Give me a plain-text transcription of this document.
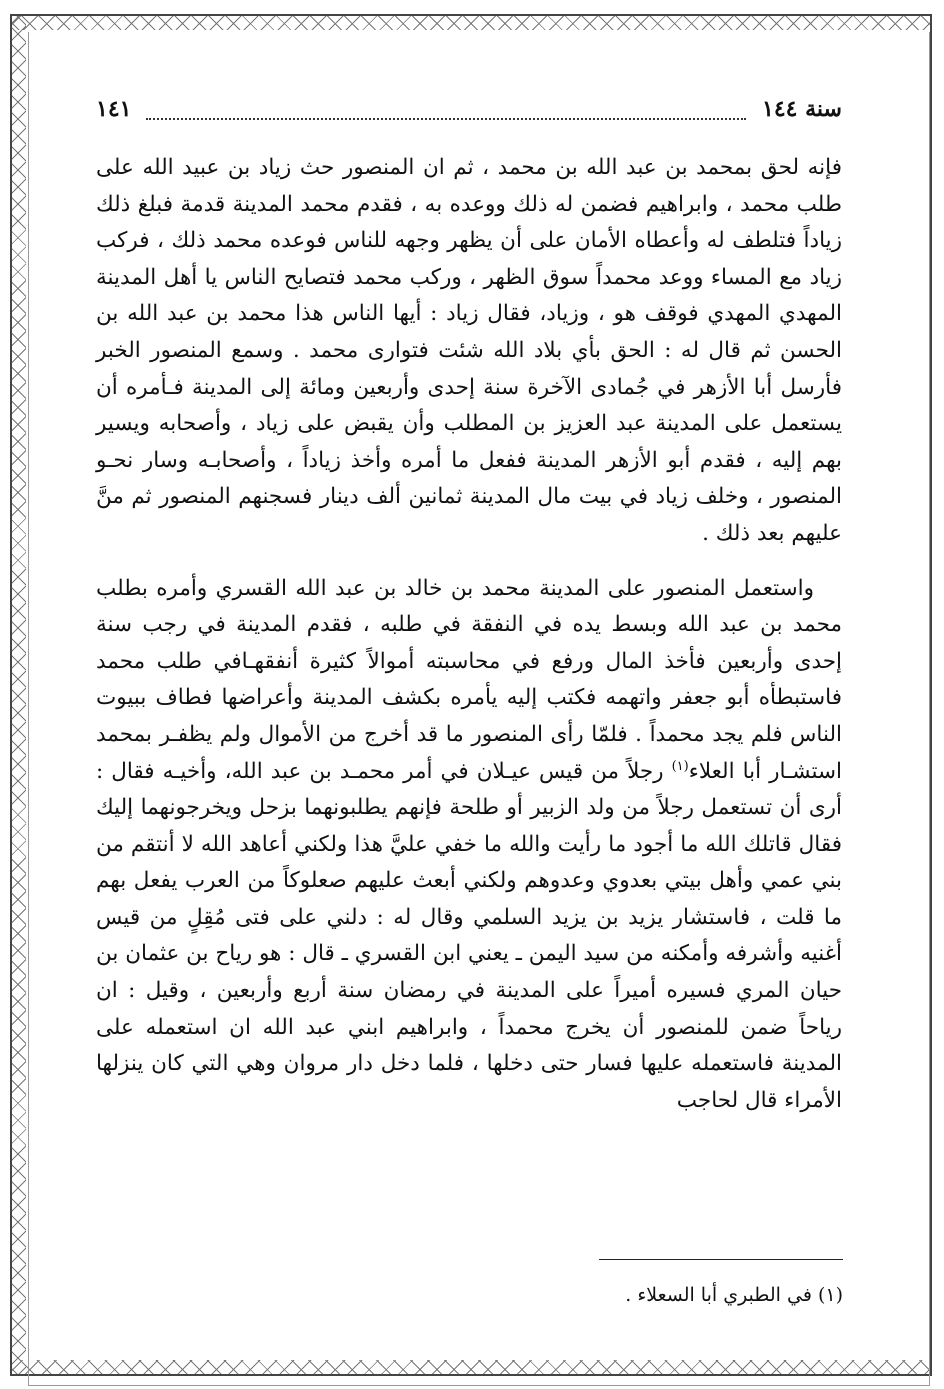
سنة ١٤٤
١٤١

فإنه لحق بمحمد بن عبد الله بن محمد ، ثم ان المنصور حث زياد بن عبيد الله على طلب محمد ، وابراهيم فضمن له ذلك ووعده به ، فقدم محمد المدينة قدمة فبلغ ذلك زياداً فتلطف له وأعطاه الأمان على أن يظهر وجهه للناس فوعده محمد ذلك ، فركب زياد مع المساء ووعد محمداً سوق الظهر ، وركب محمد فتصايح الناس يا أهل المدينة المهدي المهدي فوقف هو ، وزياد، فقال زياد : أيها الناس هذا محمد بن عبد الله بن الحسن ثم قال له : الحق بأي بلاد الله شئت فتوارى محمد . وسمع المنصور الخبر فأرسل أبا الأزهر في جُمادى الآخرة سنة إحدى وأربعين ومائة إلى المدينة فـأمره أن يستعمل على المدينة عبد العزيز بن المطلب وأن يقبض على زياد ، وأصحابه ويسير بهم إليه ، فقدم أبو الأزهر المدينة ففعل ما أمره وأخذ زياداً ، وأصحابـه وسار نحـو المنصور ، وخلف زياد في بيت مال المدينة ثمانين ألف دينار فسجنهم المنصور ثم منَّ عليهم بعد ذلك .

واستعمل المنصور على المدينة محمد بن خالد بن عبد الله القسري وأمره بطلب محمد بن عبد الله وبسط يده في النفقة في طلبه ، فقدم المدينة في رجب سنة إحدى وأربعين فأخذ المال ورفع في محاسبته أموالاً كثيرة أنفقهـافي طلب محمد فاستبطأه أبو جعفر واتهمه فكتب إليه يأمره بكشف المدينة وأعراضها فطاف ببيوت الناس فلم يجد محمداً . فلمّا رأى المنصور ما قد أخرج من الأموال ولم يظفـر بمحمد استشـار أبا العلاء$^{(١)}$ رجلاً من قيس عيـلان في أمر محمـد بن عبد الله، وأخيـه فقال : أرى أن تستعمل رجلاً من ولد الزبير أو طلحة فإنهم يطلبونهما بزحل ويخرجونهما إليك فقال قاتلك الله ما أجود ما رأيت والله ما خفي عليَّ هذا ولكني أعاهد الله لا أنتقم من بني عمي وأهل بيتي بعدوي وعدوهم ولكني أبعث عليهم صعلوكاً من العرب يفعل بهم ما قلت ، فاستشار يزيد بن يزيد السلمي وقال له : دلني على فتى مُقِلٍ من قيس أغنيه وأشرفه وأمكنه من سيد اليمن ـ يعني ابن القسري ـ قال : هو رياح بن عثمان بن حيان المري فسيره أميراً على المدينة في رمضان سنة أربع وأربعين ، وقيل : ان رياحاً ضمن للمنصور أن يخرج محمداً ، وابراهيم ابني عبد الله ان استعمله على المدينة فاستعمله عليها فسار حتى دخلها ، فلما دخل دار مروان وهي التي كان ينزلها الأمراء قال لحاجب

(١) في الطبري أبا السعلاء .
